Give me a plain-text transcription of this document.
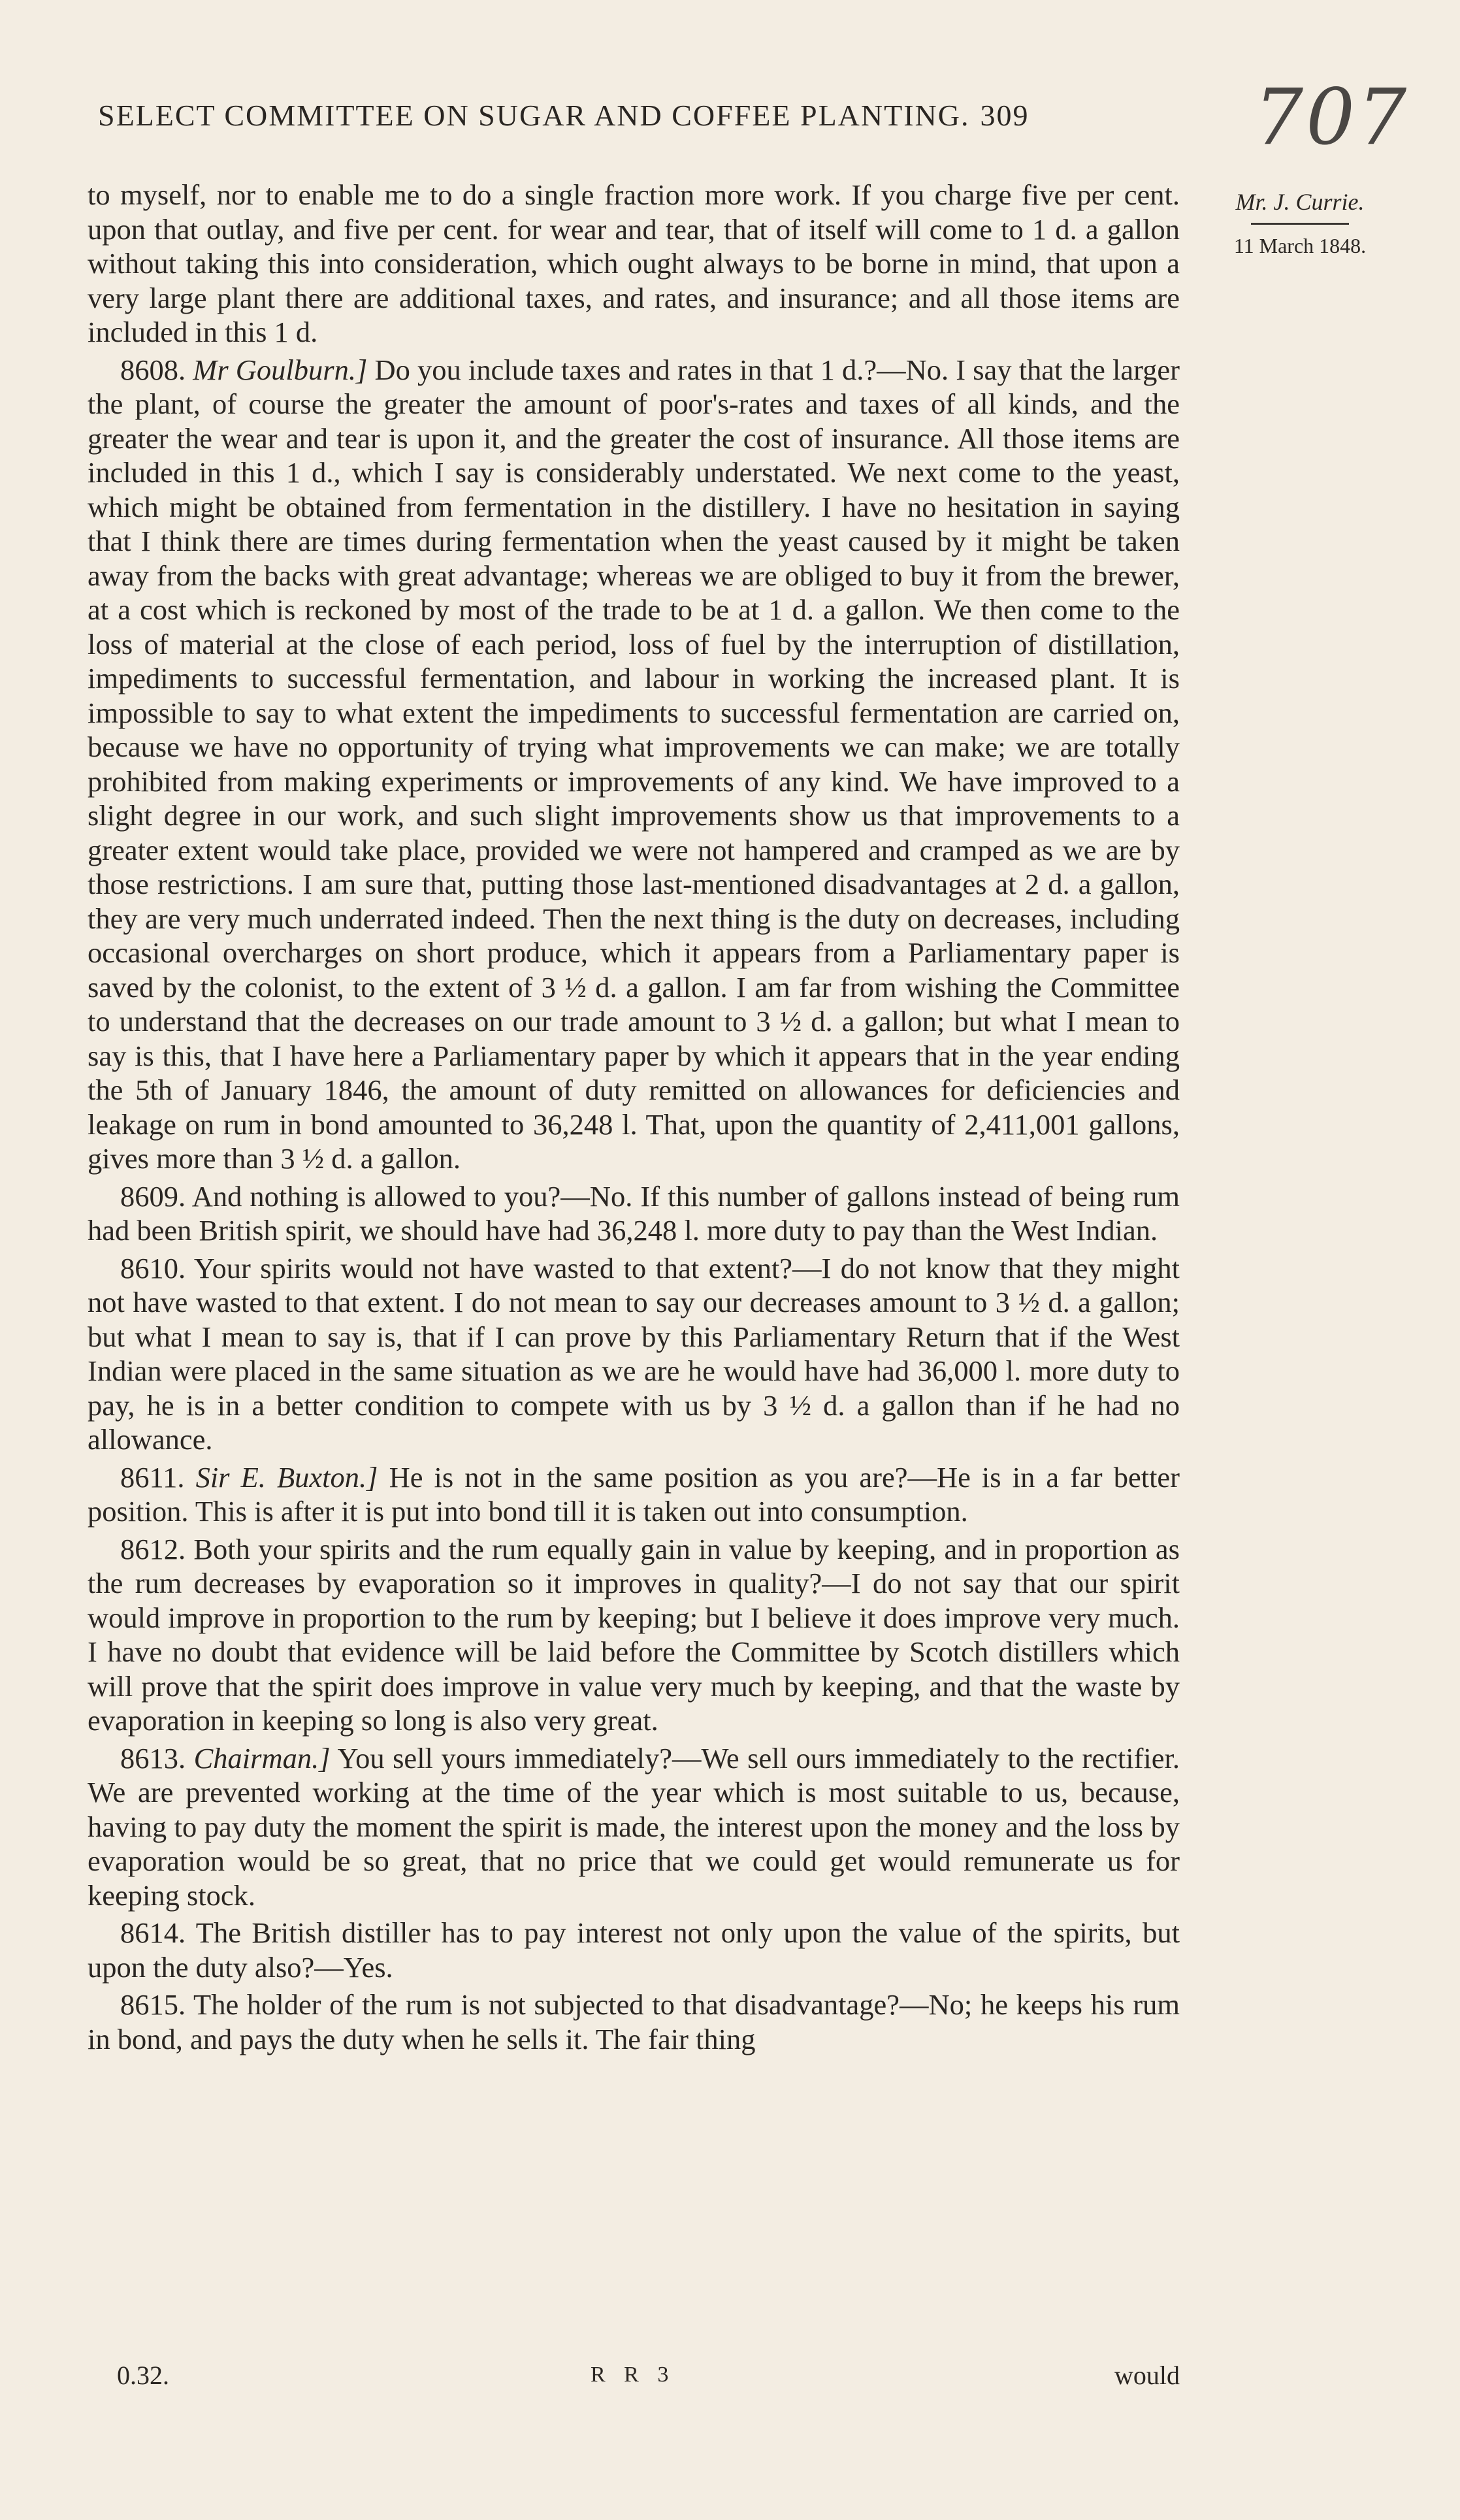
SELECT COMMITTEE ON SUGAR AND COFFEE PLANTING. 309	707
Mr. J. Currie.
11 March 1848.

to myself, nor to enable me to do a single fraction more work. If you charge five per cent. upon that outlay, and five per cent. for wear and tear, that of itself will come to 1 d. a gallon without taking this into consideration, which ought always to be borne in mind, that upon a very large plant there are additional taxes, and rates, and insurance; and all those items are included in this 1 d.

8608. Mr Goulburn.] Do you include taxes and rates in that 1 d.?—No. I say that the larger the plant, of course the greater the amount of poor's-rates and taxes of all kinds, and the greater the wear and tear is upon it, and the greater the cost of insurance. All those items are included in this 1 d., which I say is considerably understated. We next come to the yeast, which might be obtained from fermentation in the distillery. I have no hesitation in saying that I think there are times during fermentation when the yeast caused by it might be taken away from the backs with great advantage; whereas we are obliged to buy it from the brewer, at a cost which is reckoned by most of the trade to be at 1 d. a gallon. We then come to the loss of material at the close of each period, loss of fuel by the interruption of distillation, impediments to successful fermentation, and labour in working the increased plant. It is impossible to say to what extent the impediments to successful fermentation are carried on, because we have no opportunity of trying what improvements we can make; we are totally prohibited from making experiments or improvements of any kind. We have improved to a slight degree in our work, and such slight improvements show us that improvements to a greater extent would take place, provided we were not hampered and cramped as we are by those restrictions. I am sure that, putting those last-mentioned disadvantages at 2 d. a gallon, they are very much underrated indeed. Then the next thing is the duty on decreases, including occasional overcharges on short produce, which it appears from a Parliamentary paper is saved by the colonist, to the extent of 3 ½ d. a gallon. I am far from wishing the Committee to understand that the decreases on our trade amount to 3 ½ d. a gallon; but what I mean to say is this, that I have here a Parliamentary paper by which it appears that in the year ending the 5th of January 1846, the amount of duty remitted on allowances for deficiencies and leakage on rum in bond amounted to 36,248 l. That, upon the quantity of 2,411,001 gallons, gives more than 3 ½ d. a gallon.

8609. And nothing is allowed to you?—No. If this number of gallons instead of being rum had been British spirit, we should have had 36,248 l. more duty to pay than the West Indian.

8610. Your spirits would not have wasted to that extent?—I do not know that they might not have wasted to that extent. I do not mean to say our decreases amount to 3 ½ d. a gallon; but what I mean to say is, that if I can prove by this Parliamentary Return that if the West Indian were placed in the same situation as we are he would have had 36,000 l. more duty to pay, he is in a better condition to compete with us by 3 ½ d. a gallon than if he had no allowance.

8611. Sir E. Buxton.] He is not in the same position as you are?—He is in a far better position. This is after it is put into bond till it is taken out into consumption.

8612. Both your spirits and the rum equally gain in value by keeping, and in proportion as the rum decreases by evaporation so it improves in quality?—I do not say that our spirit would improve in proportion to the rum by keeping; but I believe it does improve very much. I have no doubt that evidence will be laid before the Committee by Scotch distillers which will prove that the spirit does improve in value very much by keeping, and that the waste by evaporation in keeping so long is also very great.

8613. Chairman.] You sell yours immediately?—We sell ours immediately to the rectifier. We are prevented working at the time of the year which is most suitable to us, because, having to pay duty the moment the spirit is made, the interest upon the money and the loss by evaporation would be so great, that no price that we could get would remunerate us for keeping stock.

8614. The British distiller has to pay interest not only upon the value of the spirits, but upon the duty also?—Yes.

8615. The holder of the rum is not subjected to that disadvantage?—No; he keeps his rum in bond, and pays the duty when he sells it. The fair thing

0.32.	R R 3	would
